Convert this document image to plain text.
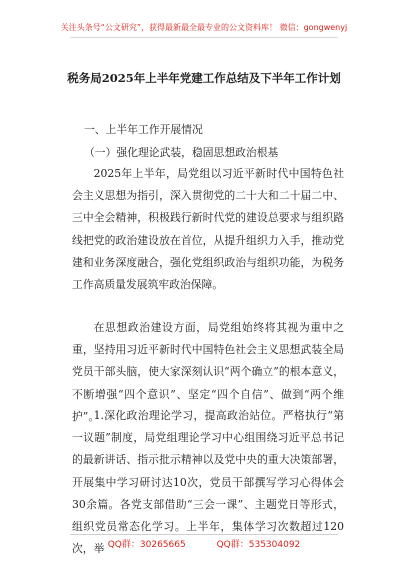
关注头条号“公文研究”，获得最新最全最专业的公文资料库！ 微信：gongwenyj
税务局2025年上半年党建工作总结及下半年工作计划
一、上半年工作开展情况
（一）强化理论武装，稳固思想政治根基

2025年上半年，局党组以习近平新时代中国特色社会主义思想为指引，深入贯彻党的二十大和二十届二中、三中全会精神，积极践行新时代党的建设总要求与组织路线把党的政治建设放在首位，从提升组织力入手，推动党建和业务深度融合，强化党组织政治与组织功能，为税务工作高质量发展筑牢政治保障。

在思想政治建设方面，局党组始终将其视为重中之重，坚持用习近平新时代中国特色社会主义思想武装全局党员干部头脑，使大家深刻认识“两个确立”的根本意义，不断增强“四个意识”、坚定“四个自信”、做到“两个维护”。

1.深化政治理论学习，提高政治站位。严格执行“第一议题”制度，局党组理论学习中心组围绕习近平总书记的最新讲话、指示批示精神以及党中央的重大决策部署，开展集中学习研讨达10次，党员干部撰写学习心得体会30余篇。各党支部借助“三会一课”、主题党日等形式，组织党员常态化学习。上半年，集体学习次数超过120次，举 QQ群：30265665	QQ群：535304092
